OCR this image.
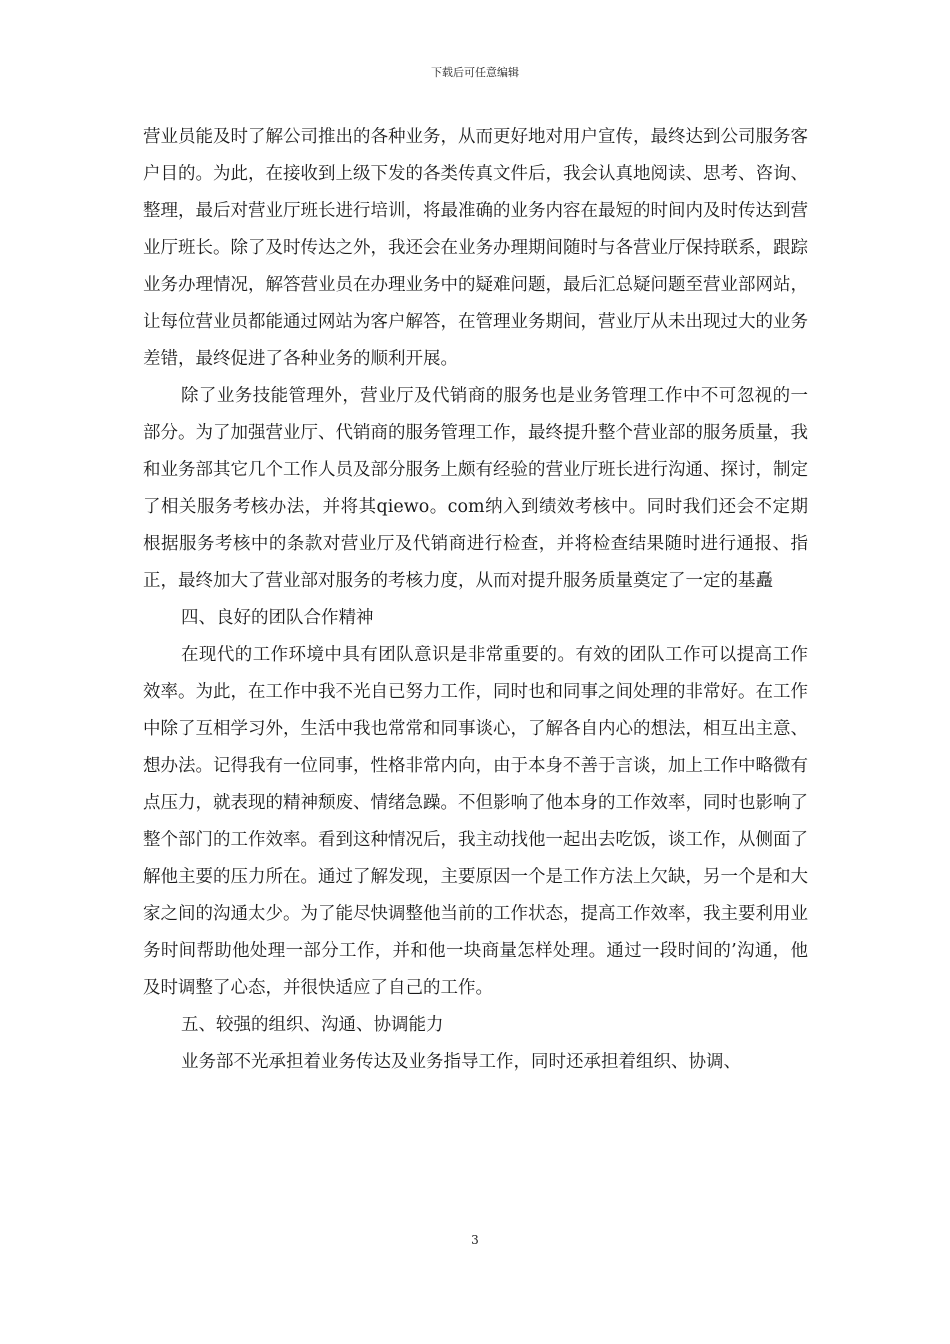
下载后可任意编辑

营业员能及时了解公司推出的各种业务，从而更好地对用户宣传，最终达到公司服务客户目的。为此，在接收到上级下发的各类传真文件后，我会认真地阅读、思考、咨询、整理，最后对营业厅班长进行培训，将最准确的业务内容在最短的时间内及时传达到营业厅班长。除了及时传达之外，我还会在业务办理期间随时与各营业厅保持联系，跟踪业务办理情况，解答营业员在办理业务中的疑难问题，最后汇总疑问题至营业部网站，让每位营业员都能通过网站为客户解答，在管理业务期间，营业厅从未出现过大的业务差错，最终促进了各种业务的顺利开展。

除了业务技能管理外，营业厅及代销商的服务也是业务管理工作中不可忽视的一部分。为了加强营业厅、代销商的服务管理工作，最终提升整个营业部的服务质量，我和业务部其它几个工作人员及部分服务上颇有经验的营业厅班长进行沟通、探讨，制定了相关服务考核办法，并将其qiewo。com纳入到绩效考核中。同时我们还会不定期根据服务考核中的条款对营业厅及代销商进行检查，并将检查结果随时进行通报、指正，最终加大了营业部对服务的考核力度，从而对提升服务质量奠定了一定的基矗

四、良好的团队合作精神

在现代的工作环境中具有团队意识是非常重要的。有效的团队工作可以提高工作效率。为此，在工作中我不光自已努力工作，同时也和同事之间处理的非常好。在工作中除了互相学习外，生活中我也常常和同事谈心，了解各自内心的想法，相互出主意、想办法。记得我有一位同事，性格非常内向，由于本身不善于言谈，加上工作中略微有点压力，就表现的精神颓废、情绪急躁。不但影响了他本身的工作效率，同时也影响了整个部门的工作效率。看到这种情况后，我主动找他一起出去吃饭，谈工作，从侧面了解他主要的压力所在。通过了解发现，主要原因一个是工作方法上欠缺，另一个是和大家之间的沟通太少。为了能尽快调整他当前的工作状态，提高工作效率，我主要利用业务时间帮助他处理一部分工作，并和他一块商量怎样处理。通过一段时间的’沟通，他及时调整了心态，并很快适应了自己的工作。

五、较强的组织、沟通、协调能力

业务部不光承担着业务传达及业务指导工作，同时还承担着组织、协调、

3
